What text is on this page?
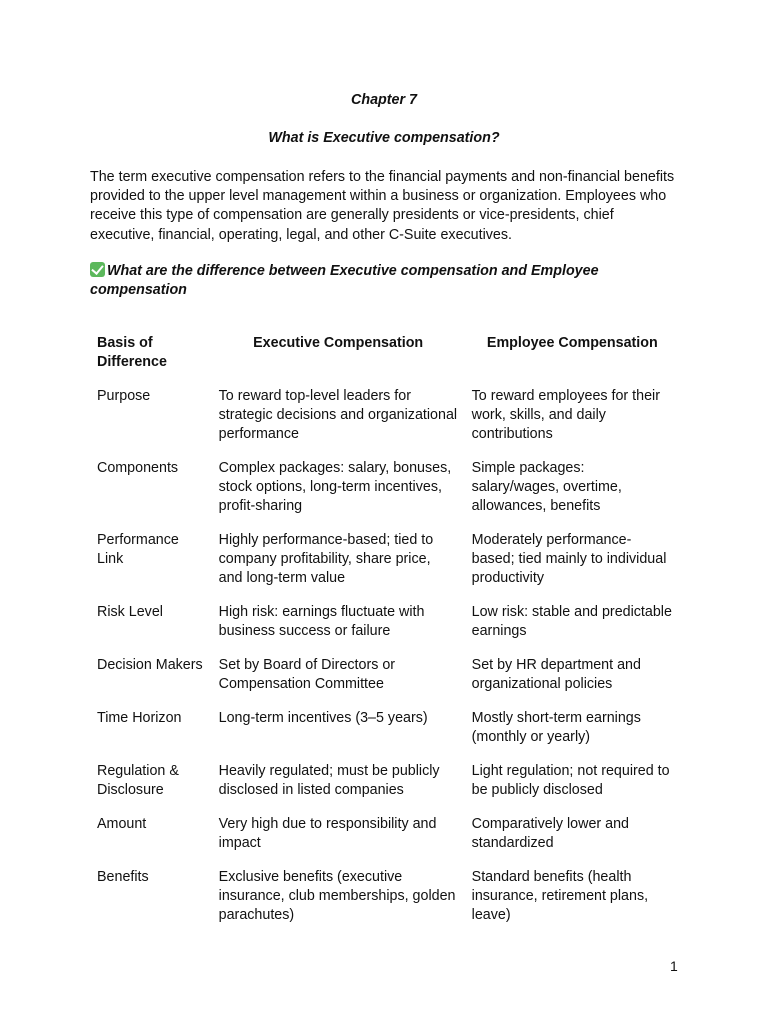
Chapter 7
What is Executive compensation?

The term executive compensation refers to the financial payments and non-financial benefits provided to the upper level management within a business or organization. Employees who receive this type of compensation are generally presidents or vice-presidents, chief executive, financial, operating, legal, and other C-Suite executives.

What are the difference between Executive compensation and Employee compensation

Basis of Difference	Executive Compensation	Employee Compensation
Purpose	To reward top-level leaders for strategic decisions and organizational performance	To reward employees for their work, skills, and daily contributions
Components	Complex packages: salary, bonuses, stock options, long-term incentives, profit-sharing	Simple packages: salary/wages, overtime, allowances, benefits
Performance Link	Highly performance-based; tied to company profitability, share price, and long-term value	Moderately performance-based; tied mainly to individual productivity
Risk Level	High risk: earnings fluctuate with business success or failure	Low risk: stable and predictable earnings
Decision Makers	Set by Board of Directors or Compensation Committee	Set by HR department and organizational policies
Time Horizon	Long-term incentives (3–5 years)	Mostly short-term earnings (monthly or yearly)
Regulation & Disclosure	Heavily regulated; must be publicly disclosed in listed companies	Light regulation; not required to be publicly disclosed
Amount	Very high due to responsibility and impact	Comparatively lower and standardized
Benefits	Exclusive benefits (executive insurance, club memberships, golden parachutes)	Standard benefits (health insurance, retirement plans, leave)
1
